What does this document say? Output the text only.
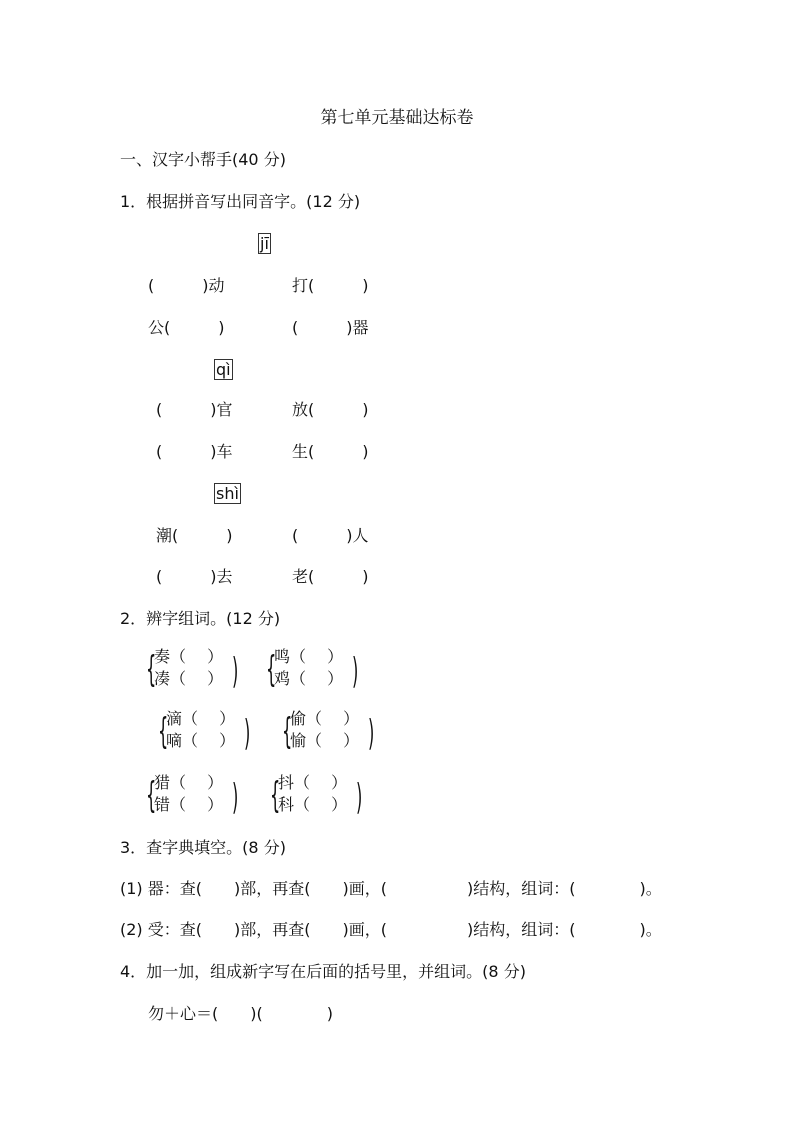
第七单元基础达标卷
一、汉字小帮手(40 分)
1．根据拼音写出同音字。(12 分)
jī
(　　　)动	打(　　　)
公(　　　)	(　　　)器
qì
(　　　)官	放(　　　)
(　　　)车	生(　　　)
shì
潮(　　　)	(　　　)人
(　　　)去	老(　　　)
2．辨字组词。(12 分)
{
奏（　 ）
凑（　 ） ) {
鸣（　 ）
鸡（　 ） )
{
滴（　 ）
嘀（　 ） ) {
偷（　 ）
愉（　 ） )
{
猎（　 ）
错（　 ） ) {
抖（　 ）
科（　 ） )
3．查字典填空。(8 分)
(1) 器：查(　　)部，再查(　　)画，(　　　　　)结构，组词：(　　　　)。
(2) 受：查(　　)部，再查(　　)画，(　　　　　)结构，组词：(　　　　)。
4．加一加，组成新字写在后面的括号里，并组词。(8 分)
勿＋心＝(　　)(　　　　)
